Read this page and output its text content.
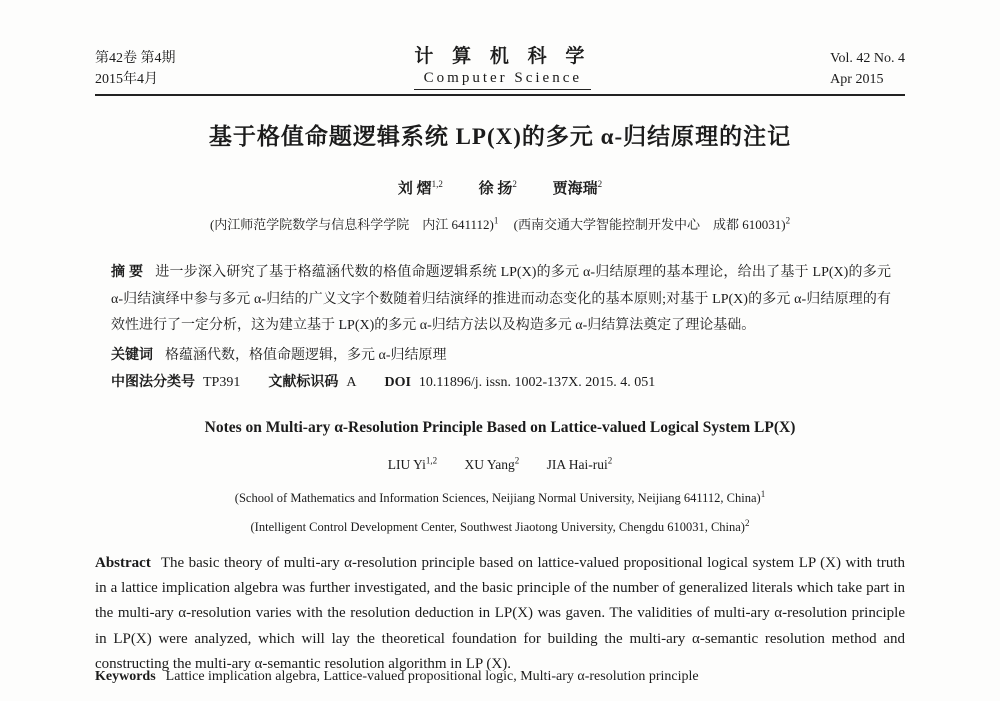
第42卷 第4期
2015年4月
计 算 机 科 学
Computer Science
Vol. 42 No. 4
Apr 2015
基于格值命题逻辑系统 LP(X)的多元 α-归结原理的注记
刘 熠$^{1,2}$ 徐 扬$^2$ 贾海瑞$^2$
(内江师范学院数学与信息科学学院　内江 641112)$^1$ (西南交通大学智能控制开发中心　成都 610031)$^2$

摘 要 进一步深入研究了基于格蕴涵代数的格值命题逻辑系统 LP(X)的多元 α-归结原理的基本理论，给出了基于 LP(X)的多元 α-归结演绎中参与多元 α-归结的广义文字个数随着归结演绎的推进而动态变化的基本原则;对基于 LP(X)的多元 α-归结原理的有效性进行了一定分析，这为建立基于 LP(X)的多元 α-归结方法以及构造多元 α-归结算法奠定了理论基础。

关键词 格蕴涵代数，格值命题逻辑，多元 α-归结原理

中图法分类号 TP391 文献标识码 A DOI 10.11896/j. issn. 1002-137X. 2015. 4. 051

Notes on Multi-ary α-Resolution Principle Based on Lattice-valued Logical System LP(X)
LIU Yi$^{1,2}$ XU Yang$^2$ JIA Hai-rui$^2$
(School of Mathematics and Information Sciences, Neijiang Normal University, Neijiang 641112, China)$^1$
(Intelligent Control Development Center, Southwest Jiaotong University, Chengdu 610031, China)$^2$

Abstract The basic theory of multi-ary α-resolution principle based on lattice-valued propositional logical system LP (X) with truth in a lattice implication algebra was further investigated, and the basic principle of the number of generalized literals which take part in the multi-ary α-resolution varies with the resolution deduction in LP(X) was gaven. The validities of multi-ary α-resolution principle in LP(X) were analyzed, which will lay the theoretical foundation for building the multi-ary α-semantic resolution method and constructing the multi-ary α-semantic resolution algorithm in LP (X).

Keywords Lattice implication algebra, Lattice-valued propositional logic, Multi-ary α-resolution principle
